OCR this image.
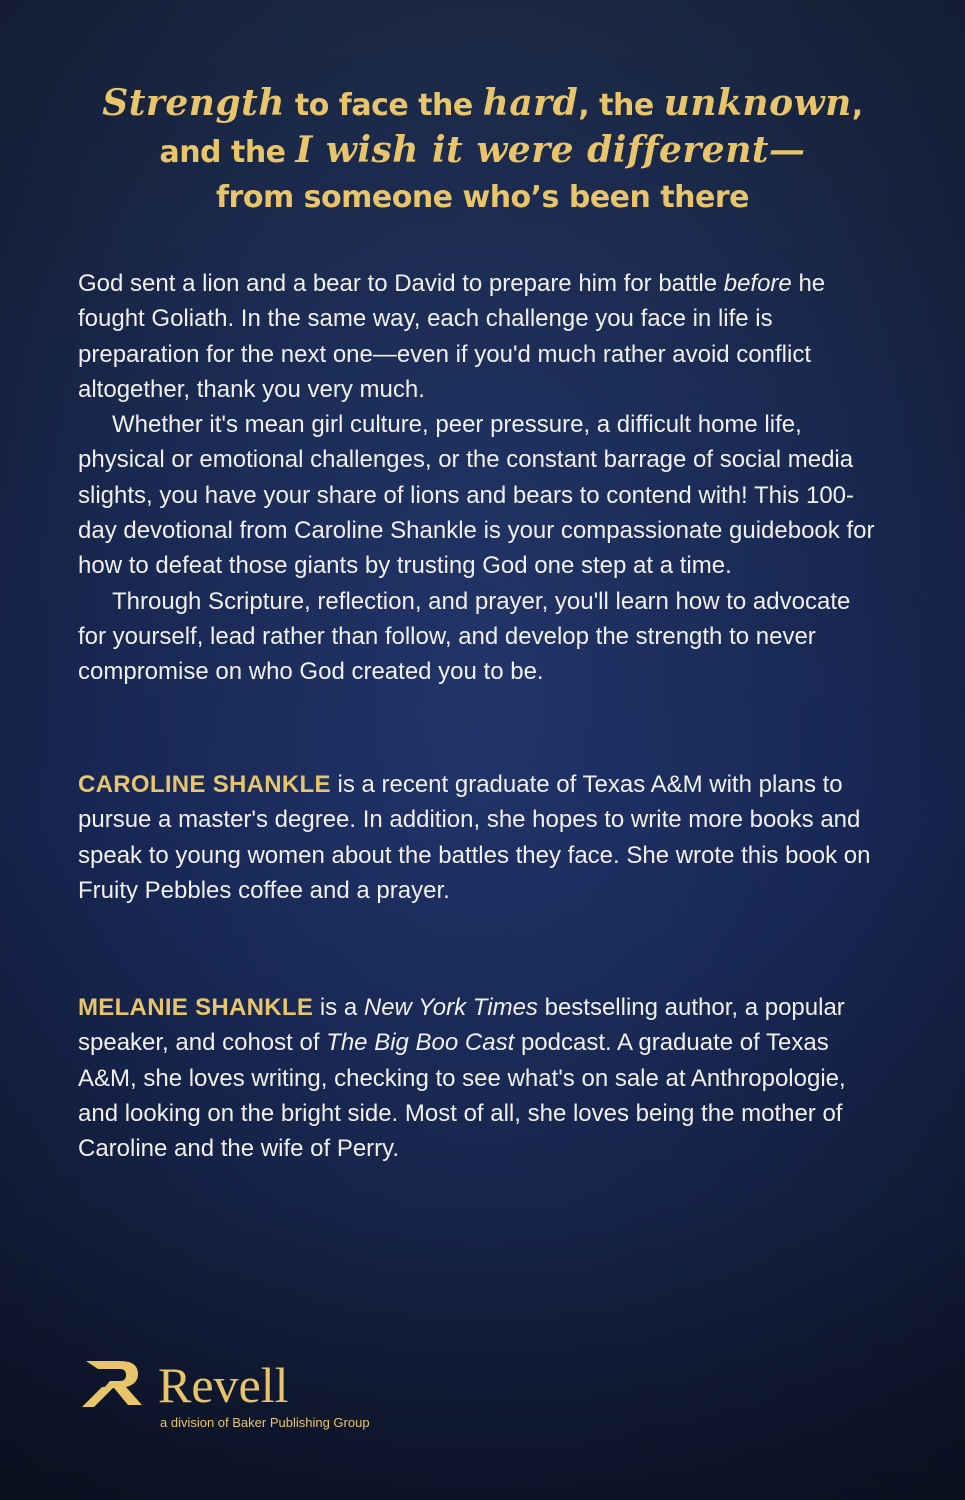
Strength to face the hard, the unknown,
and the I wish it were different—
from someone who’s been there

God sent a lion and a bear to David to prepare him for battle before he fought Goliath. In the same way, each challenge you face in life is preparation for the next one—even if you'd much rather avoid conflict altogether, thank you very much.

Whether it's mean girl culture, peer pressure, a difficult home life, physical or emotional challenges, or the constant barrage of social media slights, you have your share of lions and bears to contend with! This 100-day devotional from Caroline Shankle is your compassionate guidebook for how to defeat those giants by trusting God one step at a time.

Through Scripture, reflection, and prayer, you'll learn how to advocate for yourself, lead rather than follow, and develop the strength to never compromise on who God created you to be.

CAROLINE SHANKLE is a recent graduate of Texas A&M with plans to pursue a master's degree. In addition, she hopes to write more books and speak to young women about the battles they face. She wrote this book on Fruity Pebbles coffee and a prayer.

MELANIE SHANKLE is a New York Times bestselling author, a popular speaker, and cohost of The Big Boo Cast podcast. A graduate of Texas A&M, she loves writing, checking to see what's on sale at Anthropologie, and looking on the bright side. Most of all, she loves being the mother of Caroline and the wife of Perry.

Revell
a division of Baker Publishing Group
